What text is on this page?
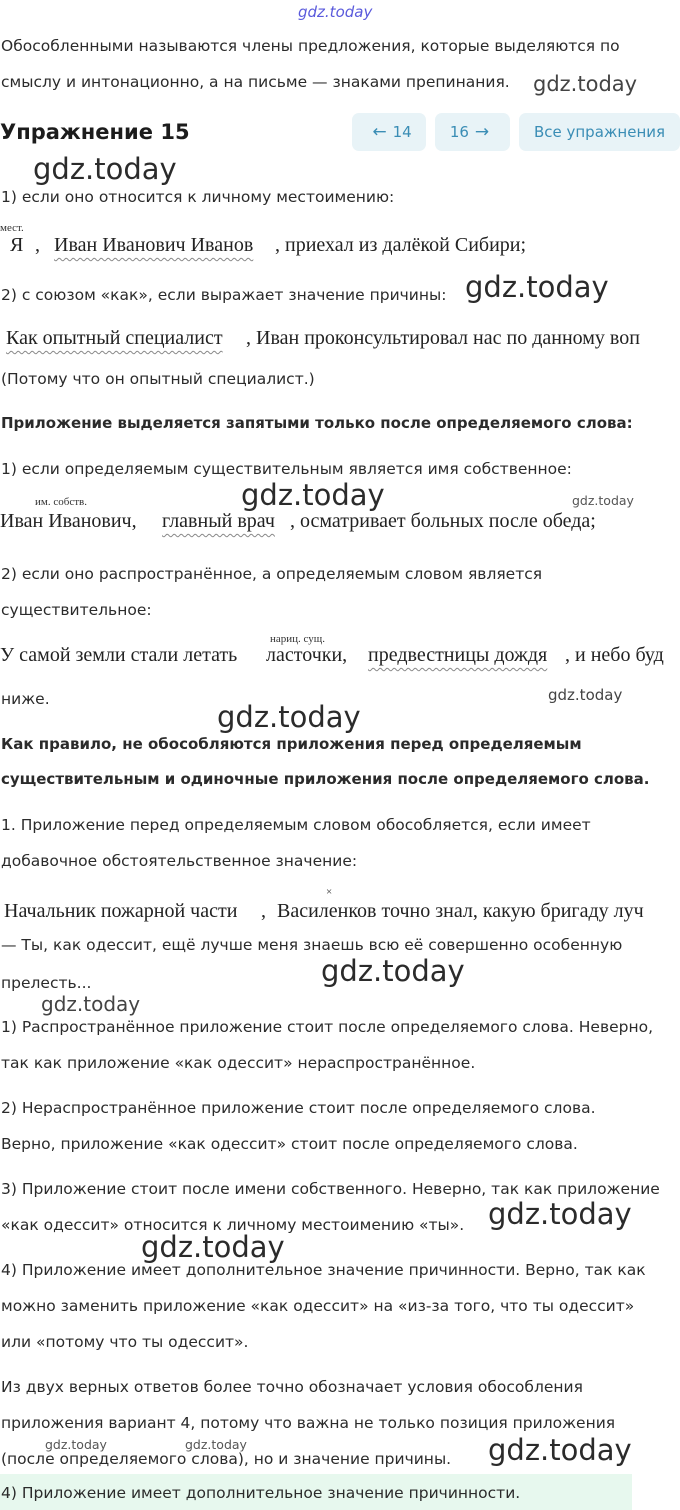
gdz.today
Обособленными называются члены предложения, которые выделяются по
смыслу и интонационно, а на письме — знаками препинания. gdz.today
Упражнение 15	← 14	16 →	Все упражнения
gdz.today
1) если оно относится к личному местоимению:
мест.
Я , Иван Иванович Иванов , приехал из далёкой Сибири;
2) с союзом «как», если выражает значение причины: gdz.today
Как опытный специалист , Иван проконсультировал нас по данному воп
(Потому что он опытный специалист.)
Приложение выделяется запятыми только после определяемого слова:
1) если определяемым существительным является имя собственное:
им. собств.	gdz.today	gdz.today
Иван Иванович, главный врач , осматривает больных после обеда;
2) если оно распространённое, а определяемым словом является
существительное:
нариц. сущ.
У самой земли стали летать ласточки, предвестницы дождя , и небо буд
ниже.	gdz.today
gdz.today
Как правило, не обособляются приложения перед определяемым
существительным и одиночные приложения после определяемого слова.
1. Приложение перед определяемым словом обособляется, если имеет
добавочное обстоятельственное значение:
×
Начальник пожарной части , Василенков точно знал, какую бригаду луч
— Ты, как одессит, ещё лучше меня знаешь всю её совершенно особенную
прелесть...	gdz.today
gdz.today
1) Распространённое приложение стоит после определяемого слова. Неверно,
так как приложение «как одессит» нераспространённое.
2) Нераспространённое приложение стоит после определяемого слова.
Верно, приложение «как одессит» стоит после определяемого слова.
3) Приложение стоит после имени собственного. Неверно, так как приложение
«как одессит» относится к личному местоимению «ты». gdz.today
gdz.today
4) Приложение имеет дополнительное значение причинности. Верно, так как
можно заменить приложение «как одессит» на «из-за того, что ты одессит»
или «потому что ты одессит».
Из двух верных ответов более точно обозначает условия обособления
приложения вариант 4, потому что важна не только позиция приложения
(после определяемого слова), но и значение причины.
gdz.today	gdz.today	gdz.today
4) Приложение имеет дополнительное значение причинности.
